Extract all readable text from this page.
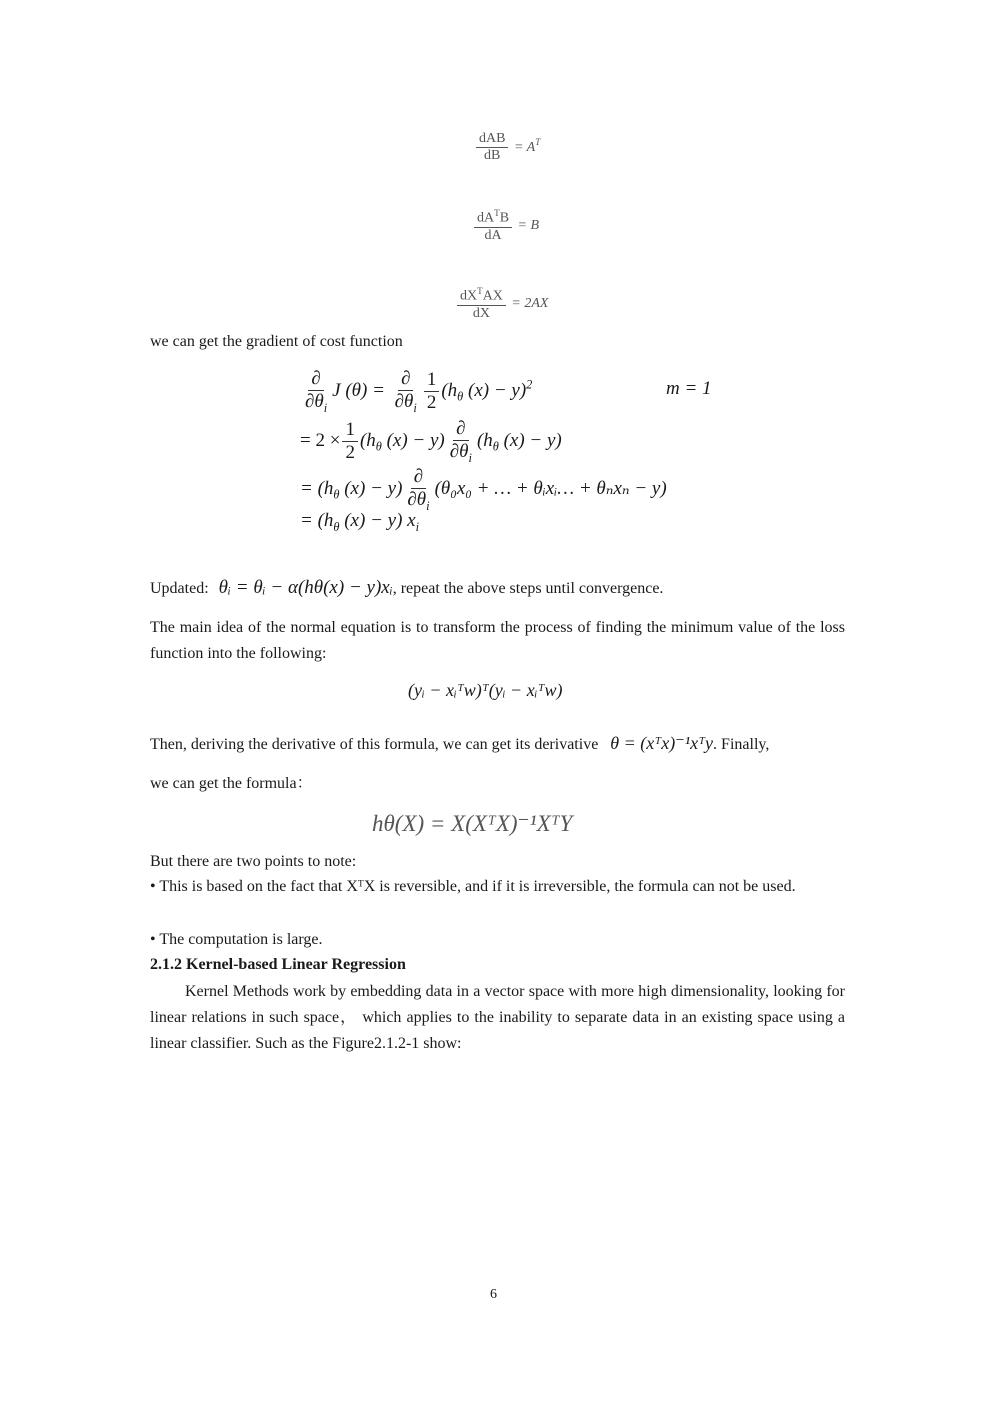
$\frac{\text{dAB}}{dB} = A^T$
$\frac{dA^TB}{dA} = B$
$\frac{dX^TAX}{dX} = 2AX$
we can get the gradient of cost function
$\frac{\partial}{\partial\theta_i}$ J $(\theta) = \frac{\partial}{\partial\theta_i} \frac{1}{2} (h_\theta$ (x) − y)$^2$	m = 1
= $2 \times \frac{1}{2} (h_\theta$ $(x) - y) \frac{\partial}{\partial\theta_i} (h_\theta$ (x) − y)
= ($h_\theta$ $(x) - y) \frac{\partial}{\partial\theta_i} (\theta_0x_0$ + … + θᵢxᵢ… + θₙxₙ − y)
= ($h_\theta$ (x) − y) $x_i$
Updated: θᵢ = θᵢ − α(hθ(x) − y)xᵢ, repeat the above steps until convergence.
The main idea of the normal equation is to transform the process of finding the minimum value of the loss function into the following:
(yᵢ − xᵢᵀw)ᵀ(yᵢ − xᵢᵀw)
Then, deriving the derivative of this formula, we can get its derivative θ = (xᵀx)⁻¹xᵀy. Finally,
we can get the formula：
hθ(X) = X(XᵀX)⁻¹XᵀY
But there are two points to note:
• This is based on the fact that XᵀX is reversible, and if it is irreversible, the formula can not be used.
• The computation is large.
2.1.2 Kernel-based Linear Regression
Kernel Methods work by embedding data in a vector space with more high dimensionality, looking for linear relations in such space， which applies to the inability to separate data in an existing space using a linear classifier. Such as the Figure2.1.2-1 show:
6
